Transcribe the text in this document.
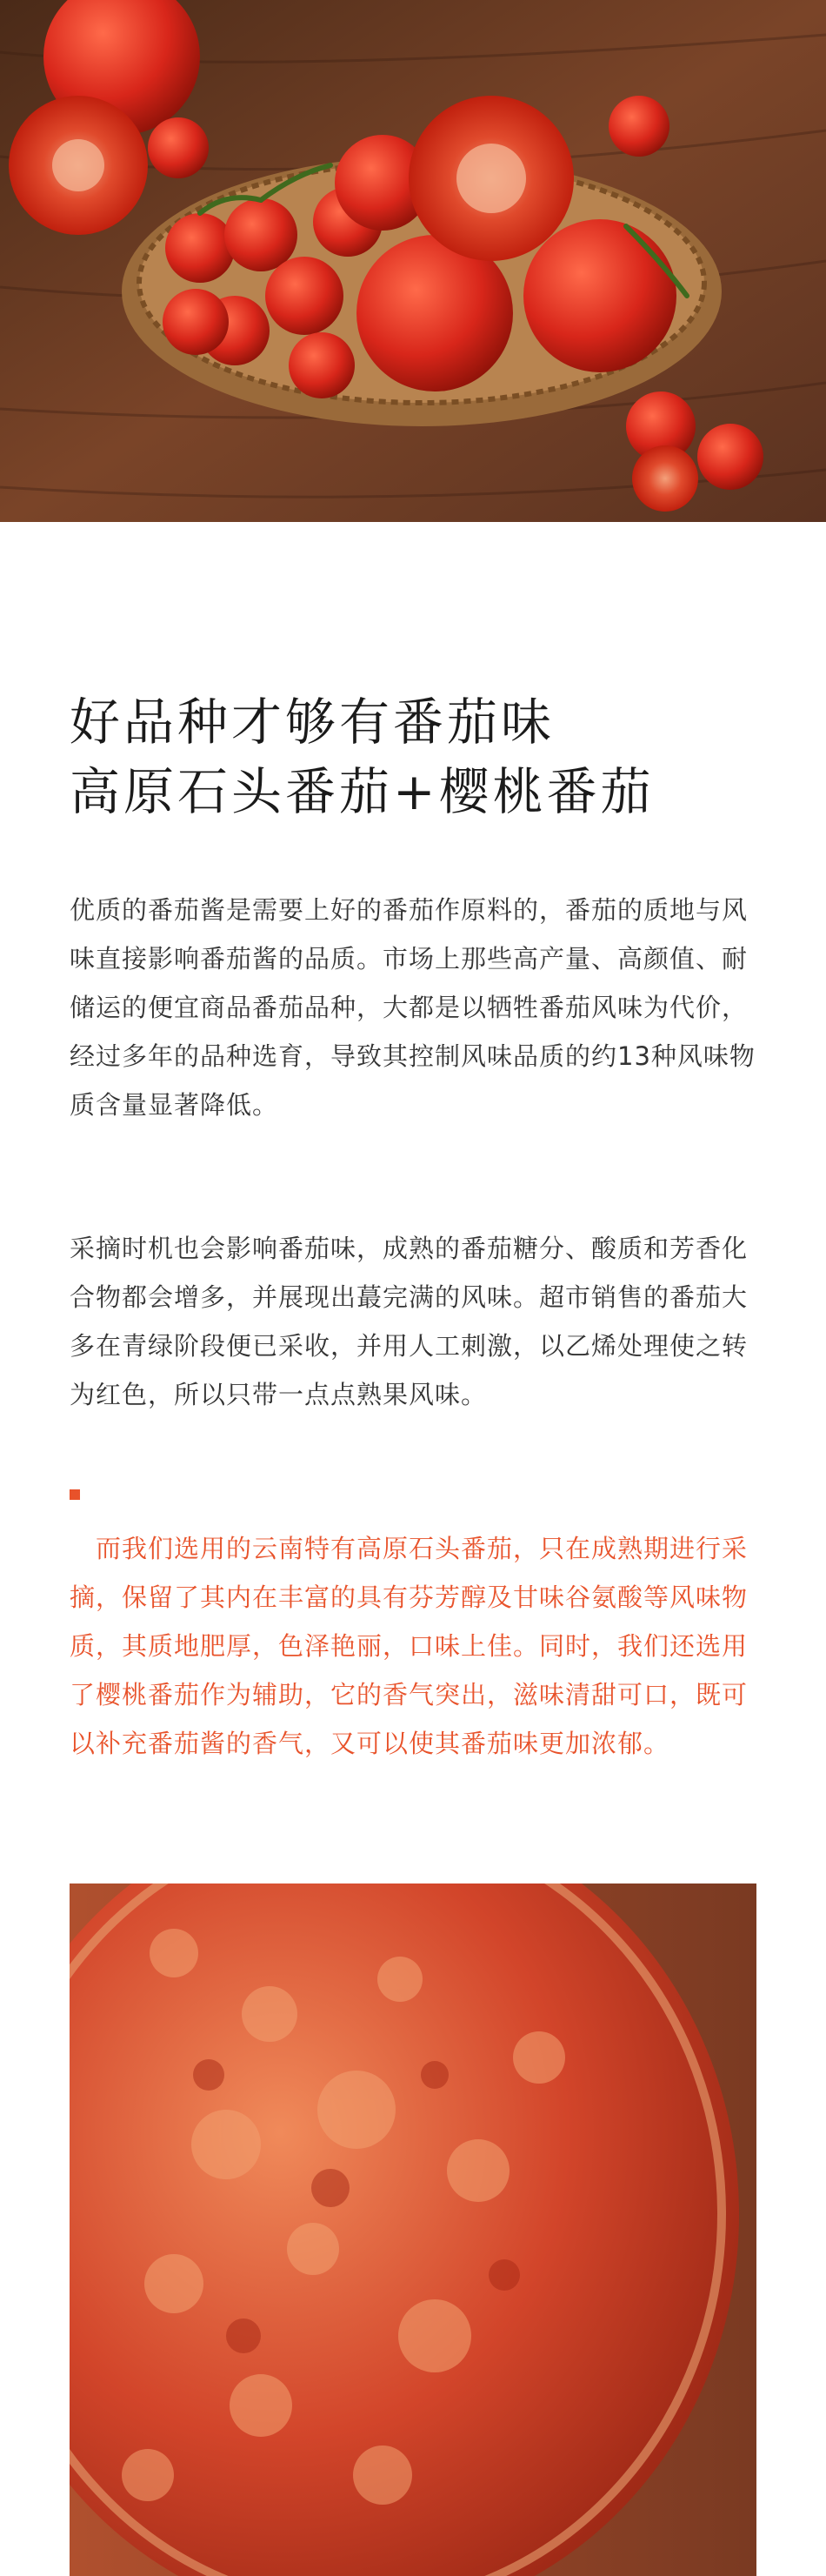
好品种才够有番茄味
高原石头番茄+樱桃番茄
优质的番茄酱是需要上好的番茄作原料的，番茄的质地与风味直接影响番茄酱的品质。市场上那些高产量、高颜值、耐储运的便宜商品番茄品种，大都是以牺牲番茄风味为代价，经过多年的品种选育，导致其控制风味品质的约13种风味物质含量显著降低。
采摘时机也会影响番茄味，成熟的番茄糖分、酸质和芳香化合物都会增多，并展现出蕞完满的风味。超市销售的番茄大多在青绿阶段便已采收，并用人工刺激，以乙烯处理使之转为红色，所以只带一点点熟果风味。
而我们选用的云南特有高原石头番茄，只在成熟期进行采摘，保留了其内在丰富的具有芬芳醇及甘味谷氨酸等风味物质，其质地肥厚，色泽艳丽，口味上佳。同时，我们还选用了樱桃番茄作为辅助，它的香气突出，滋味清甜可口，既可以补充番茄酱的香气，又可以使其番茄味更加浓郁。
